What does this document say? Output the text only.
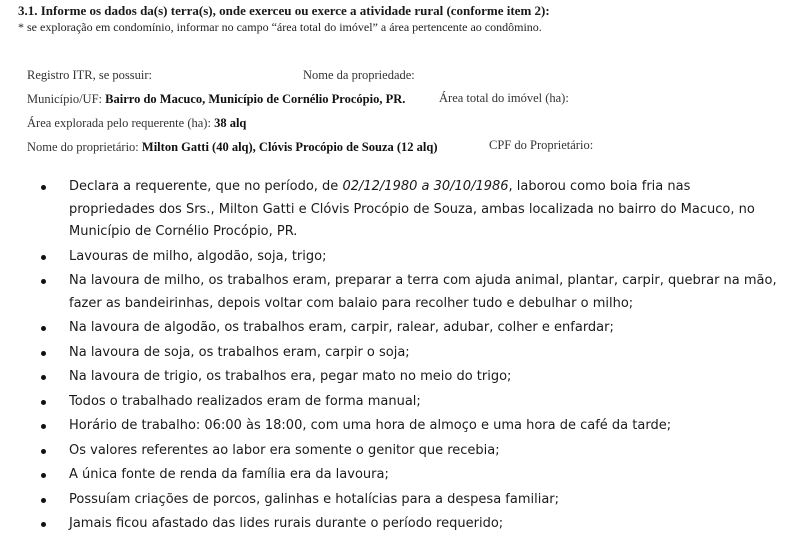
3.1. Informe os dados da(s) terra(s), onde exerceu ou exerce a atividade rural (conforme item 2):
* se exploração em condomínio, informar no campo “área total do imóvel” a área pertencente ao condômino.
Registro ITR, se possuir:	Nome da propriedade:
Município/UF: Bairro do Macuco, Município de Cornélio Procópio, PR.	Área total do imóvel (ha):
Área explorada pelo requerente (ha): 38 alq
Nome do proprietário: Milton Gatti (40 alq), Clóvis Procópio de Souza (12 alq)	CPF do Proprietário:
Declara a requerente, que no período, de 02/12/1980 a 30/10/1986, laborou como boia fria nas propriedades dos Srs., Milton Gatti e Clóvis Procópio de Souza, ambas localizada no bairro do Macuco, no Município de Cornélio Procópio, PR.
Lavouras de milho, algodão, soja, trigo;
Na lavoura de milho, os trabalhos eram, preparar a terra com ajuda animal, plantar, carpir, quebrar na mão, fazer as bandeirinhas, depois voltar com balaio para recolher tudo e debulhar o milho;
Na lavoura de algodão, os trabalhos eram, carpir, ralear, adubar, colher e enfardar;
Na lavoura de soja, os trabalhos eram, carpir o soja;
Na lavoura de trigio, os trabalhos era, pegar mato no meio do trigo;
Todos o trabalhado realizados eram de forma manual;
Horário de trabalho: 06:00 às 18:00, com uma hora de almoço e uma hora de café da tarde;
Os valores referentes ao labor era somente o genitor que recebia;
A única fonte de renda da família era da lavoura;
Possuíam criações de porcos, galinhas e hotalícias para a despesa familiar;
Jamais ficou afastado das lides rurais durante o período requerido;
